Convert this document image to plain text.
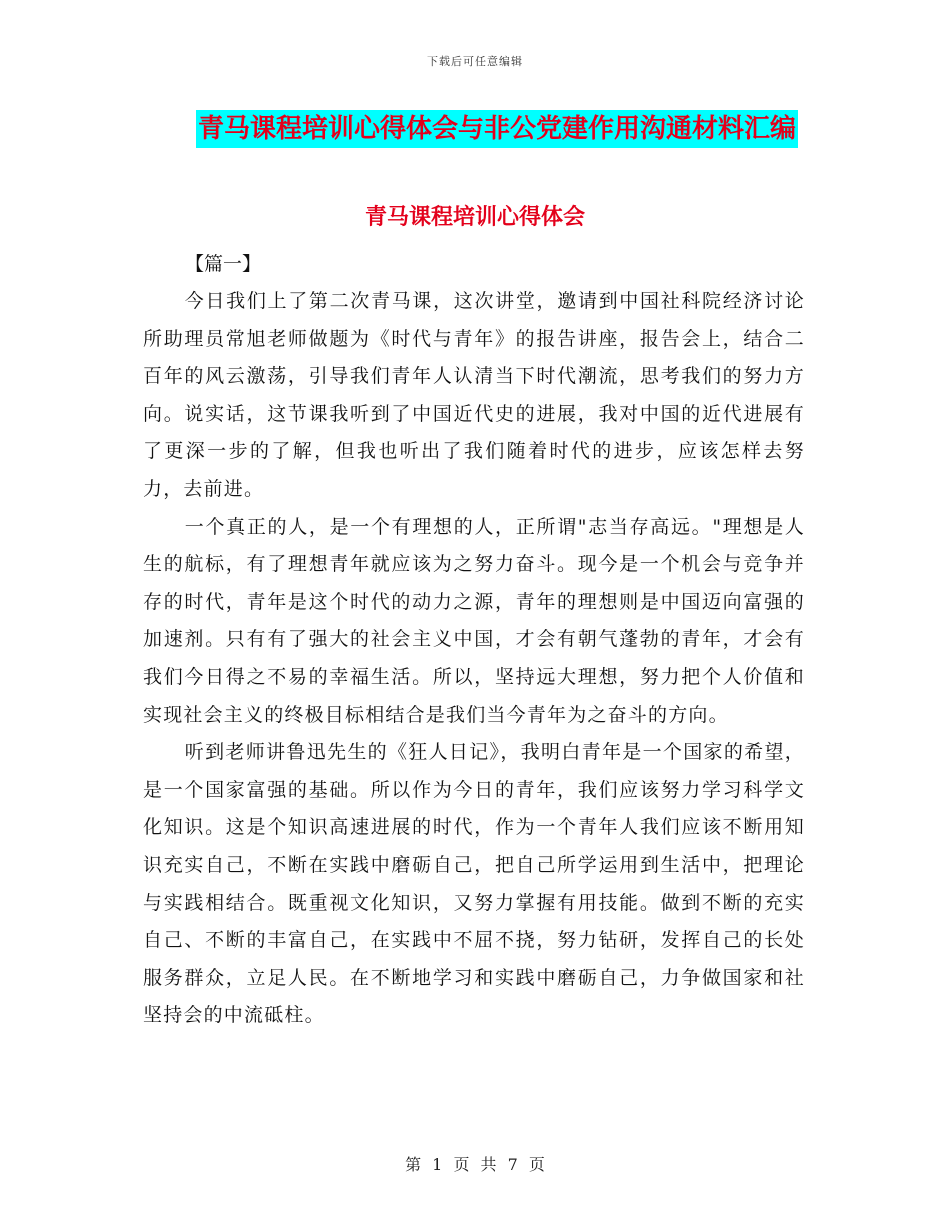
下载后可任意编辑
青马课程培训心得体会与非公党建作用沟通材料汇编
青马课程培训心得体会

【篇一】

今日我们上了第二次青马课，这次讲堂，邀请到中国社科院经济讨论所助理员常旭老师做题为《时代与青年》的报告讲座，报告会上，结合二百年的风云激荡，引导我们青年人认清当下时代潮流，思考我们的努力方向。说实话，这节课我听到了中国近代史的进展，我对中国的近代进展有了更深一步的了解，但我也听出了我们随着时代的进步，应该怎样去努力，去前进。

一个真正的人，是一个有理想的人，正所谓"志当存高远。"理想是人生的航标，有了理想青年就应该为之努力奋斗。现今是一个机会与竞争并存的时代，青年是这个时代的动力之源，青年的理想则是中国迈向富强的加速剂。只有有了强大的社会主义中国，才会有朝气蓬勃的青年，才会有我们今日得之不易的幸福生活。所以，坚持远大理想，努力把个人价值和实现社会主义的终极目标相结合是我们当今青年为之奋斗的方向。

听到老师讲鲁迅先生的《狂人日记》，我明白青年是一个国家的希望，是一个国家富强的基础。所以作为今日的青年，我们应该努力学习科学文化知识。这是个知识高速进展的时代，作为一个青年人我们应该不断用知识充实自己，不断在实践中磨砺自己，把自己所学运用到生活中，把理论与实践相结合。既重视文化知识，又努力掌握有用技能。做到不断的充实自己、不断的丰富自己，在实践中不屈不挠，努力钻研，发挥自己的长处服务群众，立足人民。在不断地学习和实践中磨砺自己，力争做国家和社坚持会的中流砥柱。

第 1 页 共 7 页
